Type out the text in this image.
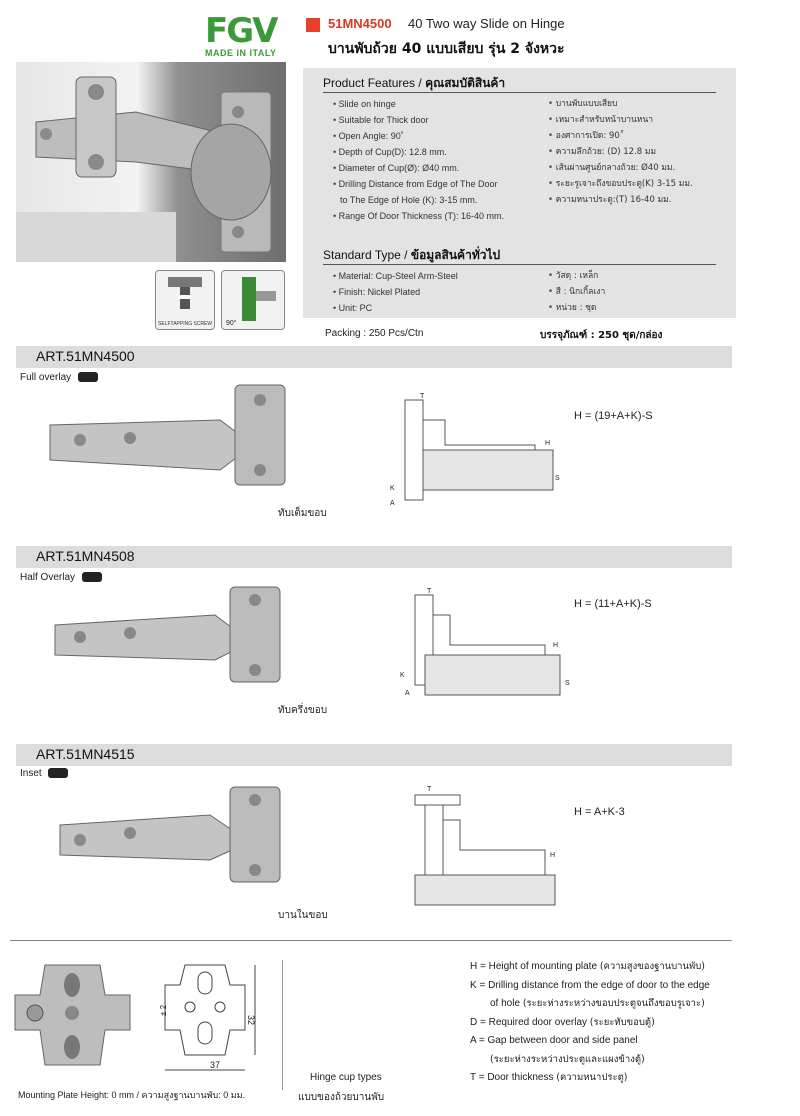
FGV
MADE IN ITALY
51MN4500 40 Two way Slide on Hinge
บานพับถ้วย 40 แบบเสียบ รุ่น 2 จังหวะ
SELFTAPPING SCREW 90°
Product Features / คุณสมบัติสินค้า
• Slide on hinge
• Suitable for Thick door
• Open Angle: 90˚
• Depth of Cup(D): 12.8 mm.
• Diameter of Cup(Ø): Ø40 mm.
• Drilling Distance from Edge of The Door
to The Edge of Hole (K): 3-15 mm.
• Range Of Door Thickness (T): 16-40 mm.
• บานพับแบบเสียบ
• เหมาะสำหรับหน้าบานหนา
• องศาการเปิด: 90˚
• ความลึกถ้วย: (D) 12.8 มม
• เส้นผ่านศูนย์กลางถ้วย: Ø40 มม.
• ระยะรูเจาะถึงขอบประตู(K) 3-15 มม.
• ความหนาประตู:(T) 16-40 มม.
Standard Type / ข้อมูลสินค้าทั่วไป
• Material: Cup-Steel Arm-Steel
• Finish: Nickel Plated
• Unit: PC
• วัสดุ : เหล็ก
• สี : นิกเกิ้ลเงา
• หน่วย : ชุด
Packing : 250 Pcs/Ctn	บรรจุภัณฑ์ : 250 ชุด/กล่อง
ART.51MN4500
Full overlay
ทับเต็มขอบ
T
H
S
K
A
H = (19+A+K)-S
ART.51MN4508
Half Overlay
ทับครึ่งขอบ
T
H
S
K
A
H = (11+A+K)-S
ART.51MN4515
Inset
บานในขอบ
T
H
H = A+K-3
37
32
± 2
Mounting Plate Height: 0 mm / ความสูงฐานบานพับ: 0 มม.
Hinge cup types
แบบของถ้วยบานพับ
H = Height of mounting plate (ความสูงของฐานบานพับ)
K = Drilling distance from the edge of door to the edge
of hole (ระยะห่างระหว่างขอบประตูจนถึงขอบรูเจาะ)
D = Required door overlay (ระยะทับขอบตู้)
A = Gap between door and side panel
(ระยะห่างระหว่างประตูและแผงข้างตู้)
T = Door thickness (ความหนาประตู)
